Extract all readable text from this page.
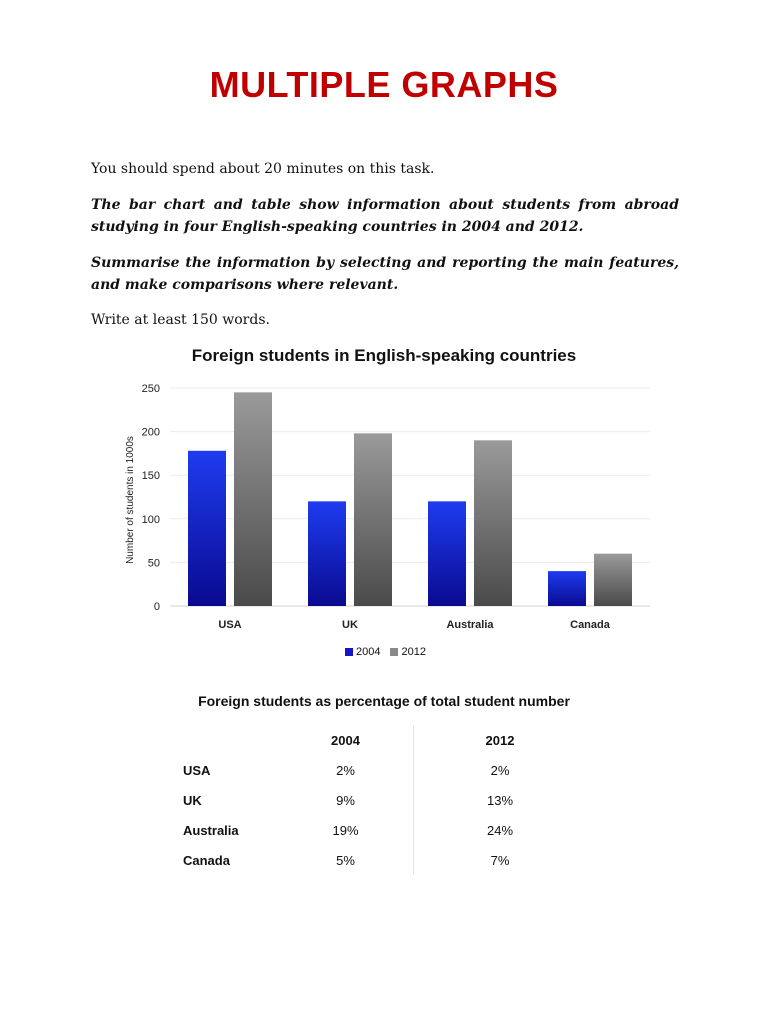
MULTIPLE GRAPHS
You should spend about 20 minutes on this task.
The bar chart and table show information about students from abroad studying in four English-speaking countries in 2004 and 2012.
Summarise the information by selecting and reporting the main features, and make comparisons where relevant.
Write at least 150 words.
Foreign students in English-speaking countries
0
50
100
150
200
250
USA	UK	Australia	Canada
Number of students in 1000s
2004 2012
Foreign students as percentage of total student number
	2004	2012
USA	2%	2%
UK	9%	13%
Australia	19%	24%
Canada	5%	7%
